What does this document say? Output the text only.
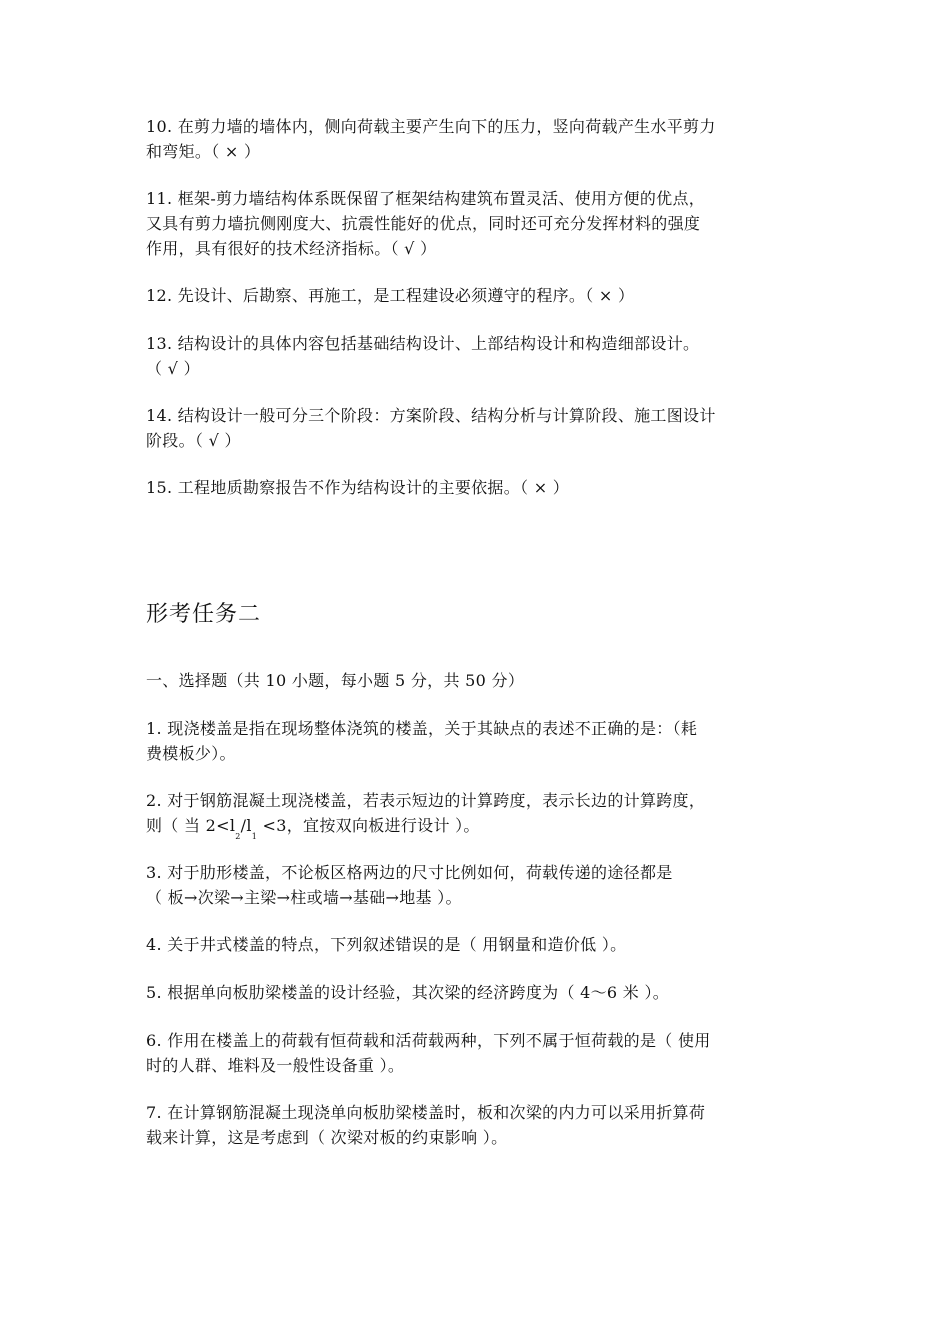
10. 在剪力墙的墙体内，侧向荷载主要产生向下的压力，竖向荷载产生水平剪力
和弯矩。（ × ）
11. 框架-剪力墙结构体系既保留了框架结构建筑布置灵活、使用方便的优点，
又具有剪力墙抗侧刚度大、抗震性能好的优点，同时还可充分发挥材料的强度
作用，具有很好的技术经济指标。（ √ ）
12. 先设计、后勘察、再施工，是工程建设必须遵守的程序。（ × ）
13. 结构设计的具体内容包括基础结构设计、上部结构设计和构造细部设计。
（ √ ）
14. 结构设计一般可分三个阶段：方案阶段、结构分析与计算阶段、施工图设计
阶段。（ √ ）
15. 工程地质勘察报告不作为结构设计的主要依据。（ × ）
形考任务二
一、选择题（共 10 小题，每小题 5 分，共 50 分）
1. 现浇楼盖是指在现场整体浇筑的楼盖，关于其缺点的表述不正确的是：（耗
费模板少）。
2. 对于钢筋混凝土现浇楼盖，若表示短边的计算跨度，表示长边的计算跨度，
则（ 当 $2<l_2/l_1 <3$，宜按双向板进行设计 ）。
3. 对于肋形楼盖，不论板区格两边的尺寸比例如何，荷载传递的途径都是
（ 板→次梁→主梁→柱或墙→基础→地基 ）。
4. 关于井式楼盖的特点，下列叙述错误的是（ 用钢量和造价低 ）。
5. 根据单向板肋梁楼盖的设计经验，其次梁的经济跨度为（ 4～6 米 ）。
6. 作用在楼盖上的荷载有恒荷载和活荷载两种，下列不属于恒荷载的是（ 使用
时的人群、堆料及一般性设备重 ）。
7. 在计算钢筋混凝土现浇单向板肋梁楼盖时，板和次梁的内力可以采用折算荷
载来计算，这是考虑到（ 次梁对板的约束影响 ）。
